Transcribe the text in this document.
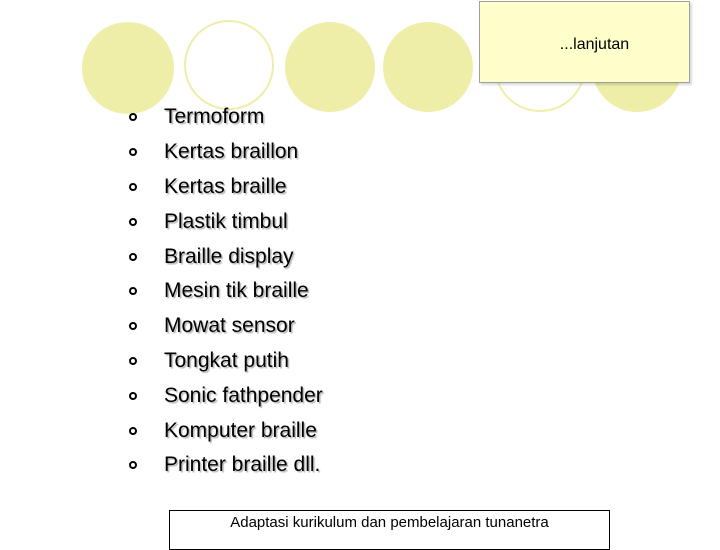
...lanjutan
Termoform
Kertas braillon
Kertas braille
Plastik timbul
Braille display
Mesin tik braille
Mowat sensor
Tongkat putih
Sonic fathpender
Komputer braille
Printer braille dll.
Adaptasi kurikulum dan pembelajaran tunanetra
